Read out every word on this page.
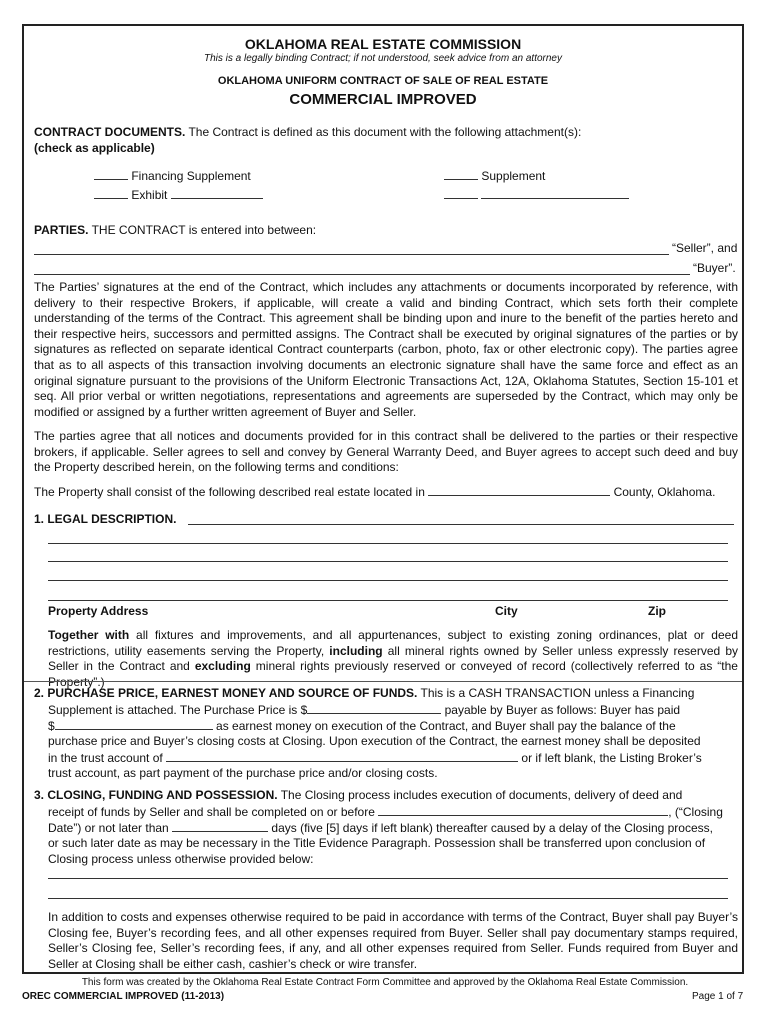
OKLAHOMA REAL ESTATE COMMISSION
This is a legally binding Contract; if not understood, seek advice from an attorney
OKLAHOMA UNIFORM CONTRACT OF SALE OF REAL ESTATE
COMMERCIAL IMPROVED
CONTRACT DOCUMENTS. The Contract is defined as this document with the following attachment(s):
(check as applicable)
Financing Supplement	Supplement
Exhibit

PARTIES. THE CONTRACT is entered into between:
“Seller”, and
“Buyer”.
The Parties’ signatures at the end of the Contract, which includes any attachments or documents incorporated by reference, with delivery to their respective Brokers, if applicable, will create a valid and binding Contract, which sets forth their complete understanding of the terms of the Contract. This agreement shall be binding upon and inure to the benefit of the parties hereto and their respective heirs, successors and permitted assigns. The Contract shall be executed by original signatures of the parties or by signatures as reflected on separate identical Contract counterparts (carbon, photo, fax or other electronic copy). The parties agree that as to all aspects of this transaction involving documents an electronic signature shall have the same force and effect as an original signature pursuant to the provisions of the Uniform Electronic Transactions Act, 12A, Oklahoma Statutes, Section 15-101 et seq. All prior verbal or written negotiations, representations and agreements are superseded by the Contract, which may only be modified or assigned by a further written agreement of Buyer and Seller.
The parties agree that all notices and documents provided for in this contract shall be delivered to the parties or their respective brokers, if applicable. Seller agrees to sell and convey by General Warranty Deed, and Buyer agrees to accept such deed and buy the Property described herein, on the following terms and conditions:
The Property shall consist of the following described real estate located in	County, Oklahoma.
1. LEGAL DESCRIPTION.
Property Address	City	Zip
Together with all fixtures and improvements, and all appurtenances, subject to existing zoning ordinances, plat or deed restrictions, utility easements serving the Property, including all mineral rights owned by Seller unless expressly reserved by Seller in the Contract and excluding mineral rights previously reserved or conveyed of record (collectively referred to as “the Property”.)
2. PURCHASE PRICE, EARNEST MONEY AND SOURCE OF FUNDS. This is a CASH TRANSACTION unless a Financing
Supplement is attached. The Purchase Price is $	payable by Buyer as follows: Buyer has paid
$	as earnest money on execution of the Contract, and Buyer shall pay the balance of the
purchase price and Buyer’s closing costs at Closing. Upon execution of the Contract, the earnest money shall be deposited
in the trust account of	or if left blank, the Listing Broker’s
trust account, as part payment of the purchase price and/or closing costs.
3. CLOSING, FUNDING AND POSSESSION. The Closing process includes execution of documents, delivery of deed and
receipt of funds by Seller and shall be completed on or before	, (“Closing
Date”) or not later than	days (five [5] days if left blank) thereafter caused by a delay of the Closing process,
or such later date as may be necessary in the Title Evidence Paragraph. Possession shall be transferred upon conclusion of
Closing process unless otherwise provided below:
In addition to costs and expenses otherwise required to be paid in accordance with terms of the Contract, Buyer shall pay Buyer’s Closing fee, Buyer’s recording fees, and all other expenses required from Buyer. Seller shall pay documentary stamps required, Seller’s Closing fee, Seller’s recording fees, if any, and all other expenses required from Seller. Funds required from Buyer and Seller at Closing shall be either cash, cashier’s check or wire transfer.
This form was created by the Oklahoma Real Estate Contract Form Committee and approved by the Oklahoma Real Estate Commission.
OREC COMMERCIAL IMPROVED (11-2013)	Page 1 of 7
